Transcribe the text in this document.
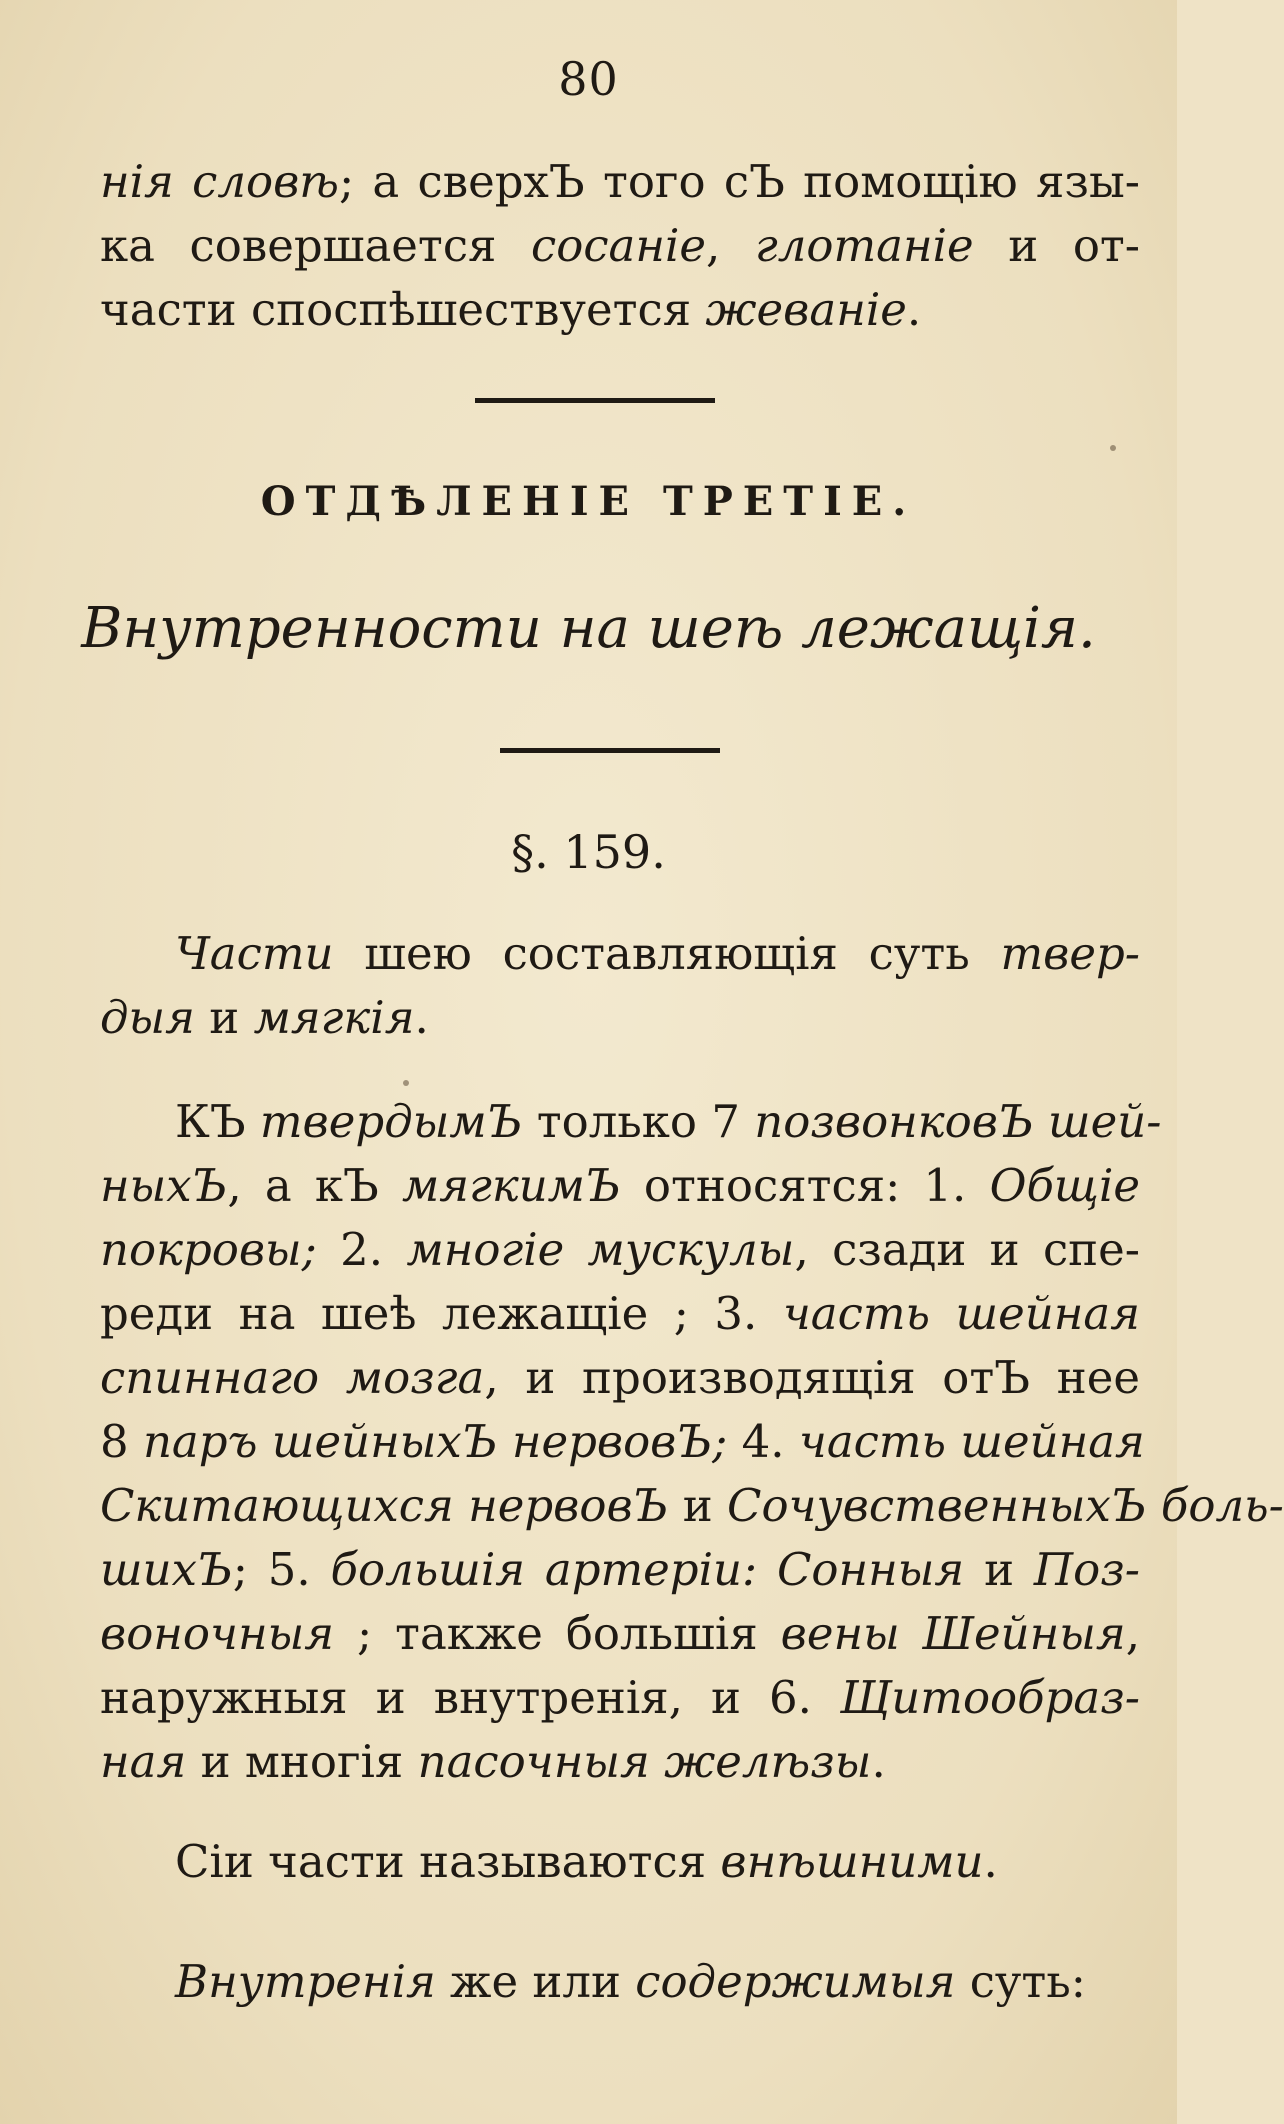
80
нія словѣ; а сверхЪ того сЪ помощію язы-
ка совершается сосаніе, глотаніе и от-
части споспѣшествуется жеваніе.
ОТДѢЛЕНІЕ ТРЕТІЕ.
Внутренности на шеѣ лежащія.
§. 159.
Части шею составляющія суть твер-
дыя и мягкія.
КЪ твердымЪ только 7 позвонковЪ шей-
ныхЪ, а кЪ мягкимЪ относятся: 1. Общіе
покровы; 2. многіе мускулы, сзади и спе-
реди на шеѣ лежащіе ; 3. часть шейная
спиннаго мозга, и производящія отЪ нее
8 паръ шейныхЪ нервовЪ; 4. часть шейная
Скитающихся нервовЪ и СочувственныхЪ боль-
шихЪ; 5. большія артеріи: Сонныя и Поз-
воночныя ; также большія вены Шейныя,
наружныя и внутренія, и 6. Щитообраз-
ная и многія пасочныя желѣзы.
Сіи части называются внѣшними.
Внутренія же или содержимыя суть:
